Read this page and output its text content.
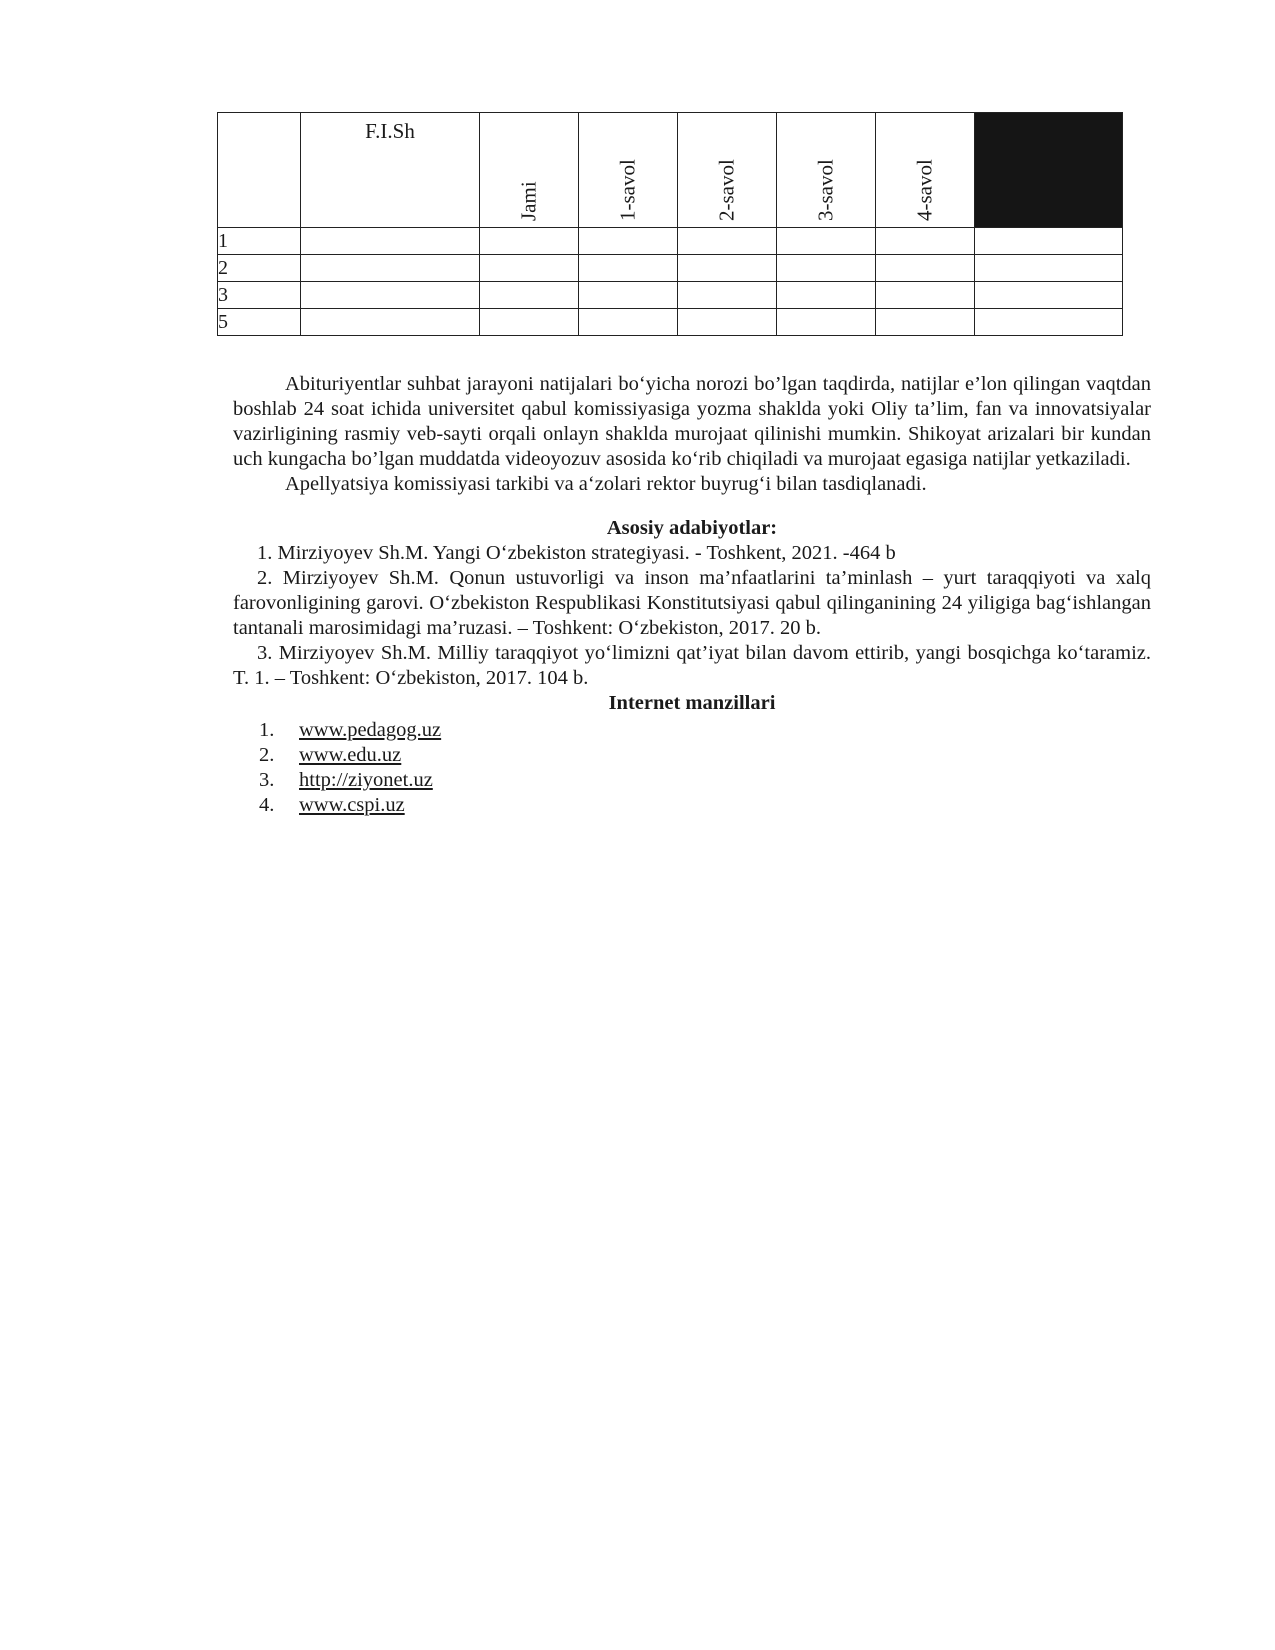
	F.I.Sh	Jami	1-savol	2-savol	3-savol	4-savol	

1							
2							
3							
5							

Abituriyentlar suhbat jarayoni natijalari bo‘yicha norozi bo’lgan taqdirda, natijlar e’lon qilingan vaqtdan boshlab 24 soat ichida universitet qabul komissiyasiga yozma shaklda yoki Oliy ta’lim, fan va innovatsiyalar vazirligining rasmiy veb-sayti orqali onlayn shaklda murojaat qilinishi mumkin. Shikoyat arizalari bir kundan uch kungacha bo’lgan muddatda videoyozuv asosida ko‘rib chiqiladi va murojaat egasiga natijlar yetkaziladi.

Apellyatsiya komissiyasi tarkibi va a‘zolari rektor buyrug‘i bilan tasdiqlanadi.

Asosiy adabiyotlar:
1. Mirziyoyev Sh.M. Yangi O‘zbekiston strategiyasi. - Toshkent, 2021. -464 b
2. Mirziyoyev Sh.M. Qonun ustuvorligi va inson ma’nfaatlarini ta’minlash – yurt taraqqiyoti va xalq farovonligining garovi. O‘zbekiston Respublikasi Konstitutsiyasi qabul qilinganining 24 yiligiga bag‘ishlangan tantanali marosimidagi ma’ruzasi. – Toshkent: O‘zbekiston, 2017. 20 b.
3. Mirziyoyev Sh.M. Milliy taraqqiyot yo‘limizni qat’iyat bilan davom ettirib, yangi bosqichga ko‘taramiz. T. 1. – Toshkent: O‘zbekiston, 2017. 104 b.
Internet manzillari
1. www.pedagog.uz
2. www.edu.uz
3. http://ziyonet.uz
4. www.cspi.uz
